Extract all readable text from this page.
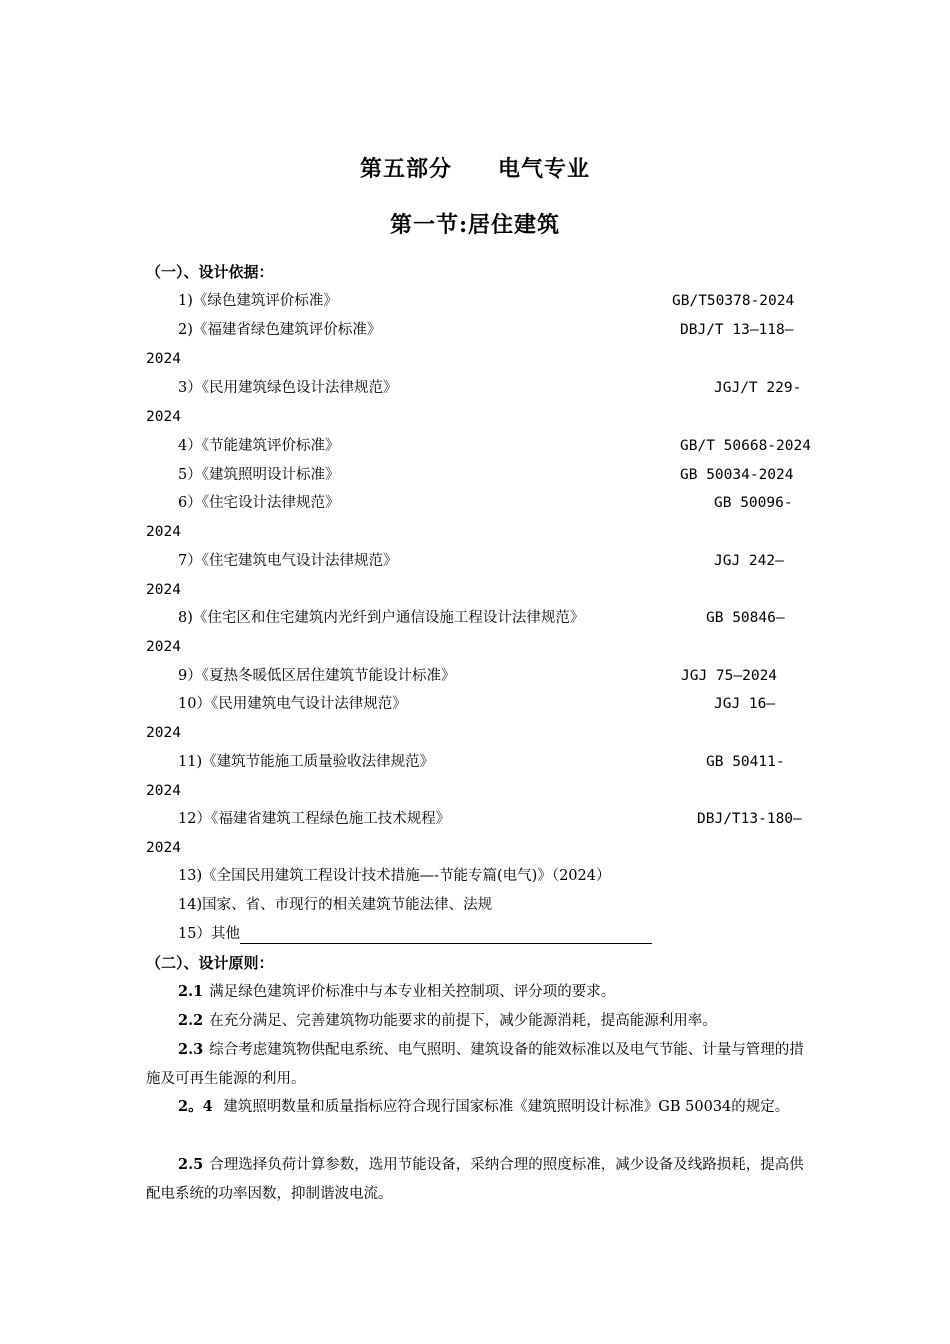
第五部分　　电气专业
第一节:居住建筑
（一）、设计依据：
1)《绿色建筑评价标准》	GB/T50378-2024
2)《福建省绿色建筑评价标准》	DBJ/T 13—118—
2024
3）《民用建筑绿色设计法律规范》	JGJ/T 229-
2024
4）《节能建筑评价标准》	GB/T 50668-2024
5）《建筑照明设计标准》	GB 50034-2024
6）《住宅设计法律规范》	GB 50096-
2024
7）《住宅建筑电气设计法律规范》	JGJ 242—
2024
8)《住宅区和住宅建筑内光纤到户通信设施工程设计法律规范》	GB 50846—
2024
9）《夏热冬暖低区居住建筑节能设计标准》	JGJ 75—2024
10）《民用建筑电气设计法律规范》	JGJ 16—
2024
11)《建筑节能施工质量验收法律规范》	GB 50411-
2024
12）《福建省建筑工程绿色施工技术规程》	DBJ/T13-180—
2024
13)《全国民用建筑工程设计技术措施—-节能专篇(电气)》（2024）
14)国家、省、市现行的相关建筑节能法律、法规
15）其他
（二）、设计原则：
2.1 满足绿色建筑评价标准中与本专业相关控制项、评分项的要求。
2.2 在充分满足、完善建筑物功能要求的前提下，减少能源消耗，提高能源利用率。
2.3 综合考虑建筑物供配电系统、电气照明、建筑设备的能效标准以及电气节能、计量与管理的措施及可再生能源的利用。
2。4 建筑照明数量和质量指标应符合现行国家标准《建筑照明设计标准》GB 50034的规定。
2.5 合理选择负荷计算参数，选用节能设备，采纳合理的照度标准，减少设备及线路损耗，提高供配电系统的功率因数，抑制谐波电流。
